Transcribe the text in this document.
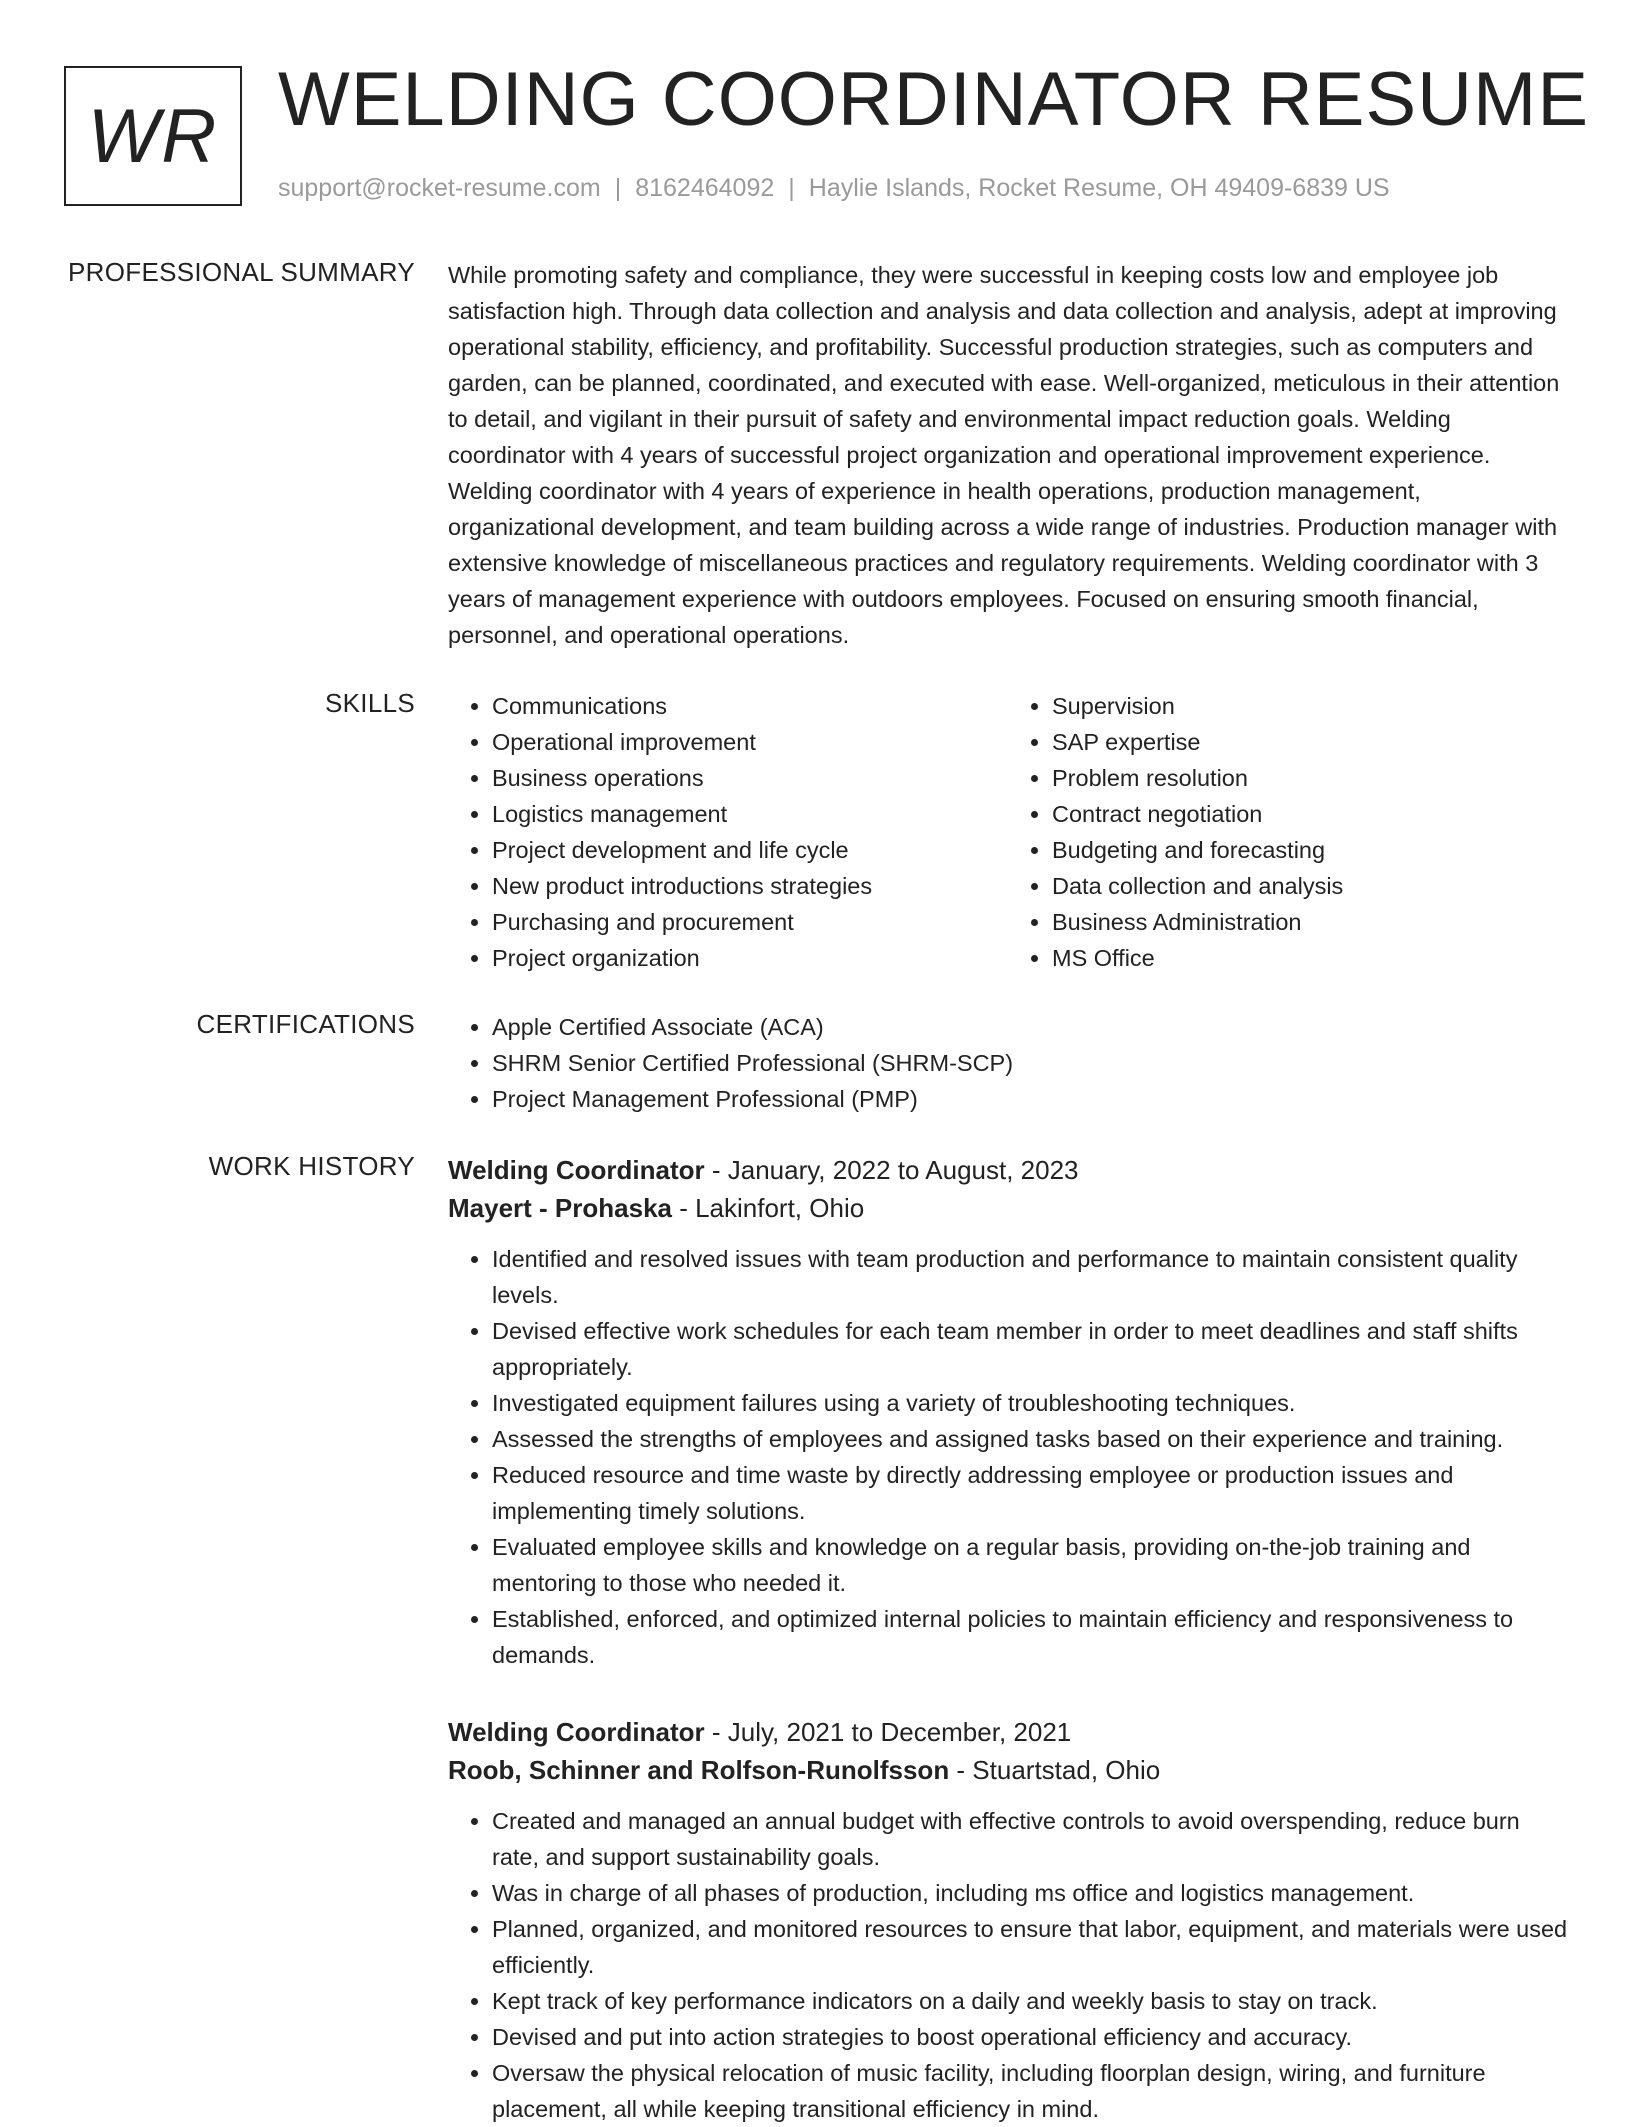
WR WELDING COORDINATOR RESUME
support@rocket-resume.com | 8162464092 | Haylie Islands, Rocket Resume, OH 49409-6839 US
PROFESSIONAL SUMMARY While promoting safety and compliance, they were successful in keeping costs low and employee job satisfaction high. Through data collection and analysis and data collection and analysis, adept at improving operational stability, efficiency, and profitability. Successful production strategies, such as computers and garden, can be planned, coordinated, and executed with ease. Well-organized, meticulous in their attention to detail, and vigilant in their pursuit of safety and environmental impact reduction goals. Welding coordinator with 4 years of successful project organization and operational improvement experience. Welding coordinator with 4 years of experience in health operations, production management, organizational development, and team building across a wide range of industries. Production manager with extensive knowledge of miscellaneous practices and regulatory requirements. Welding coordinator with 3 years of management experience with outdoors employees. Focused on ensuring smooth financial, personnel, and operational operations.

SKILLS	• Communications
• Operational improvement
• Business operations
• Logistics management
• Project development and life cycle
• New product introductions strategies
• Purchasing and procurement
• Project organization
• Supervision
• SAP expertise
• Problem resolution
• Contract negotiation
• Budgeting and forecasting
• Data collection and analysis
• Business Administration
• MS Office
CERTIFICATIONS	• Apple Certified Associate (ACA)
• SHRM Senior Certified Professional (SHRM-SCP)
• Project Management Professional (PMP)
WORK HISTORY Welding Coordinator - January, 2022 to August, 2023
Mayert - Prohaska - Lakinfort, Ohio
• Identified and resolved issues with team production and performance to maintain consistent quality levels.
• Devised effective work schedules for each team member in order to meet deadlines and staff shifts appropriately.
• Investigated equipment failures using a variety of troubleshooting techniques.
• Assessed the strengths of employees and assigned tasks based on their experience and training.
• Reduced resource and time waste by directly addressing employee or production issues and implementing timely solutions.
• Evaluated employee skills and knowledge on a regular basis, providing on-the-job training and mentoring to those who needed it.
• Established, enforced, and optimized internal policies to maintain efficiency and responsiveness to demands.
Welding Coordinator - July, 2021 to December, 2021
Roob, Schinner and Rolfson-Runolfsson - Stuartstad, Ohio
• Created and managed an annual budget with effective controls to avoid overspending, reduce burn rate, and support sustainability goals.
• Was in charge of all phases of production, including ms office and logistics management.
• Planned, organized, and monitored resources to ensure that labor, equipment, and materials were used efficiently.
• Kept track of key performance indicators on a daily and weekly basis to stay on track.
• Devised and put into action strategies to boost operational efficiency and accuracy.
• Oversaw the physical relocation of music facility, including floorplan design, wiring, and furniture placement, all while keeping transitional efficiency in mind.
